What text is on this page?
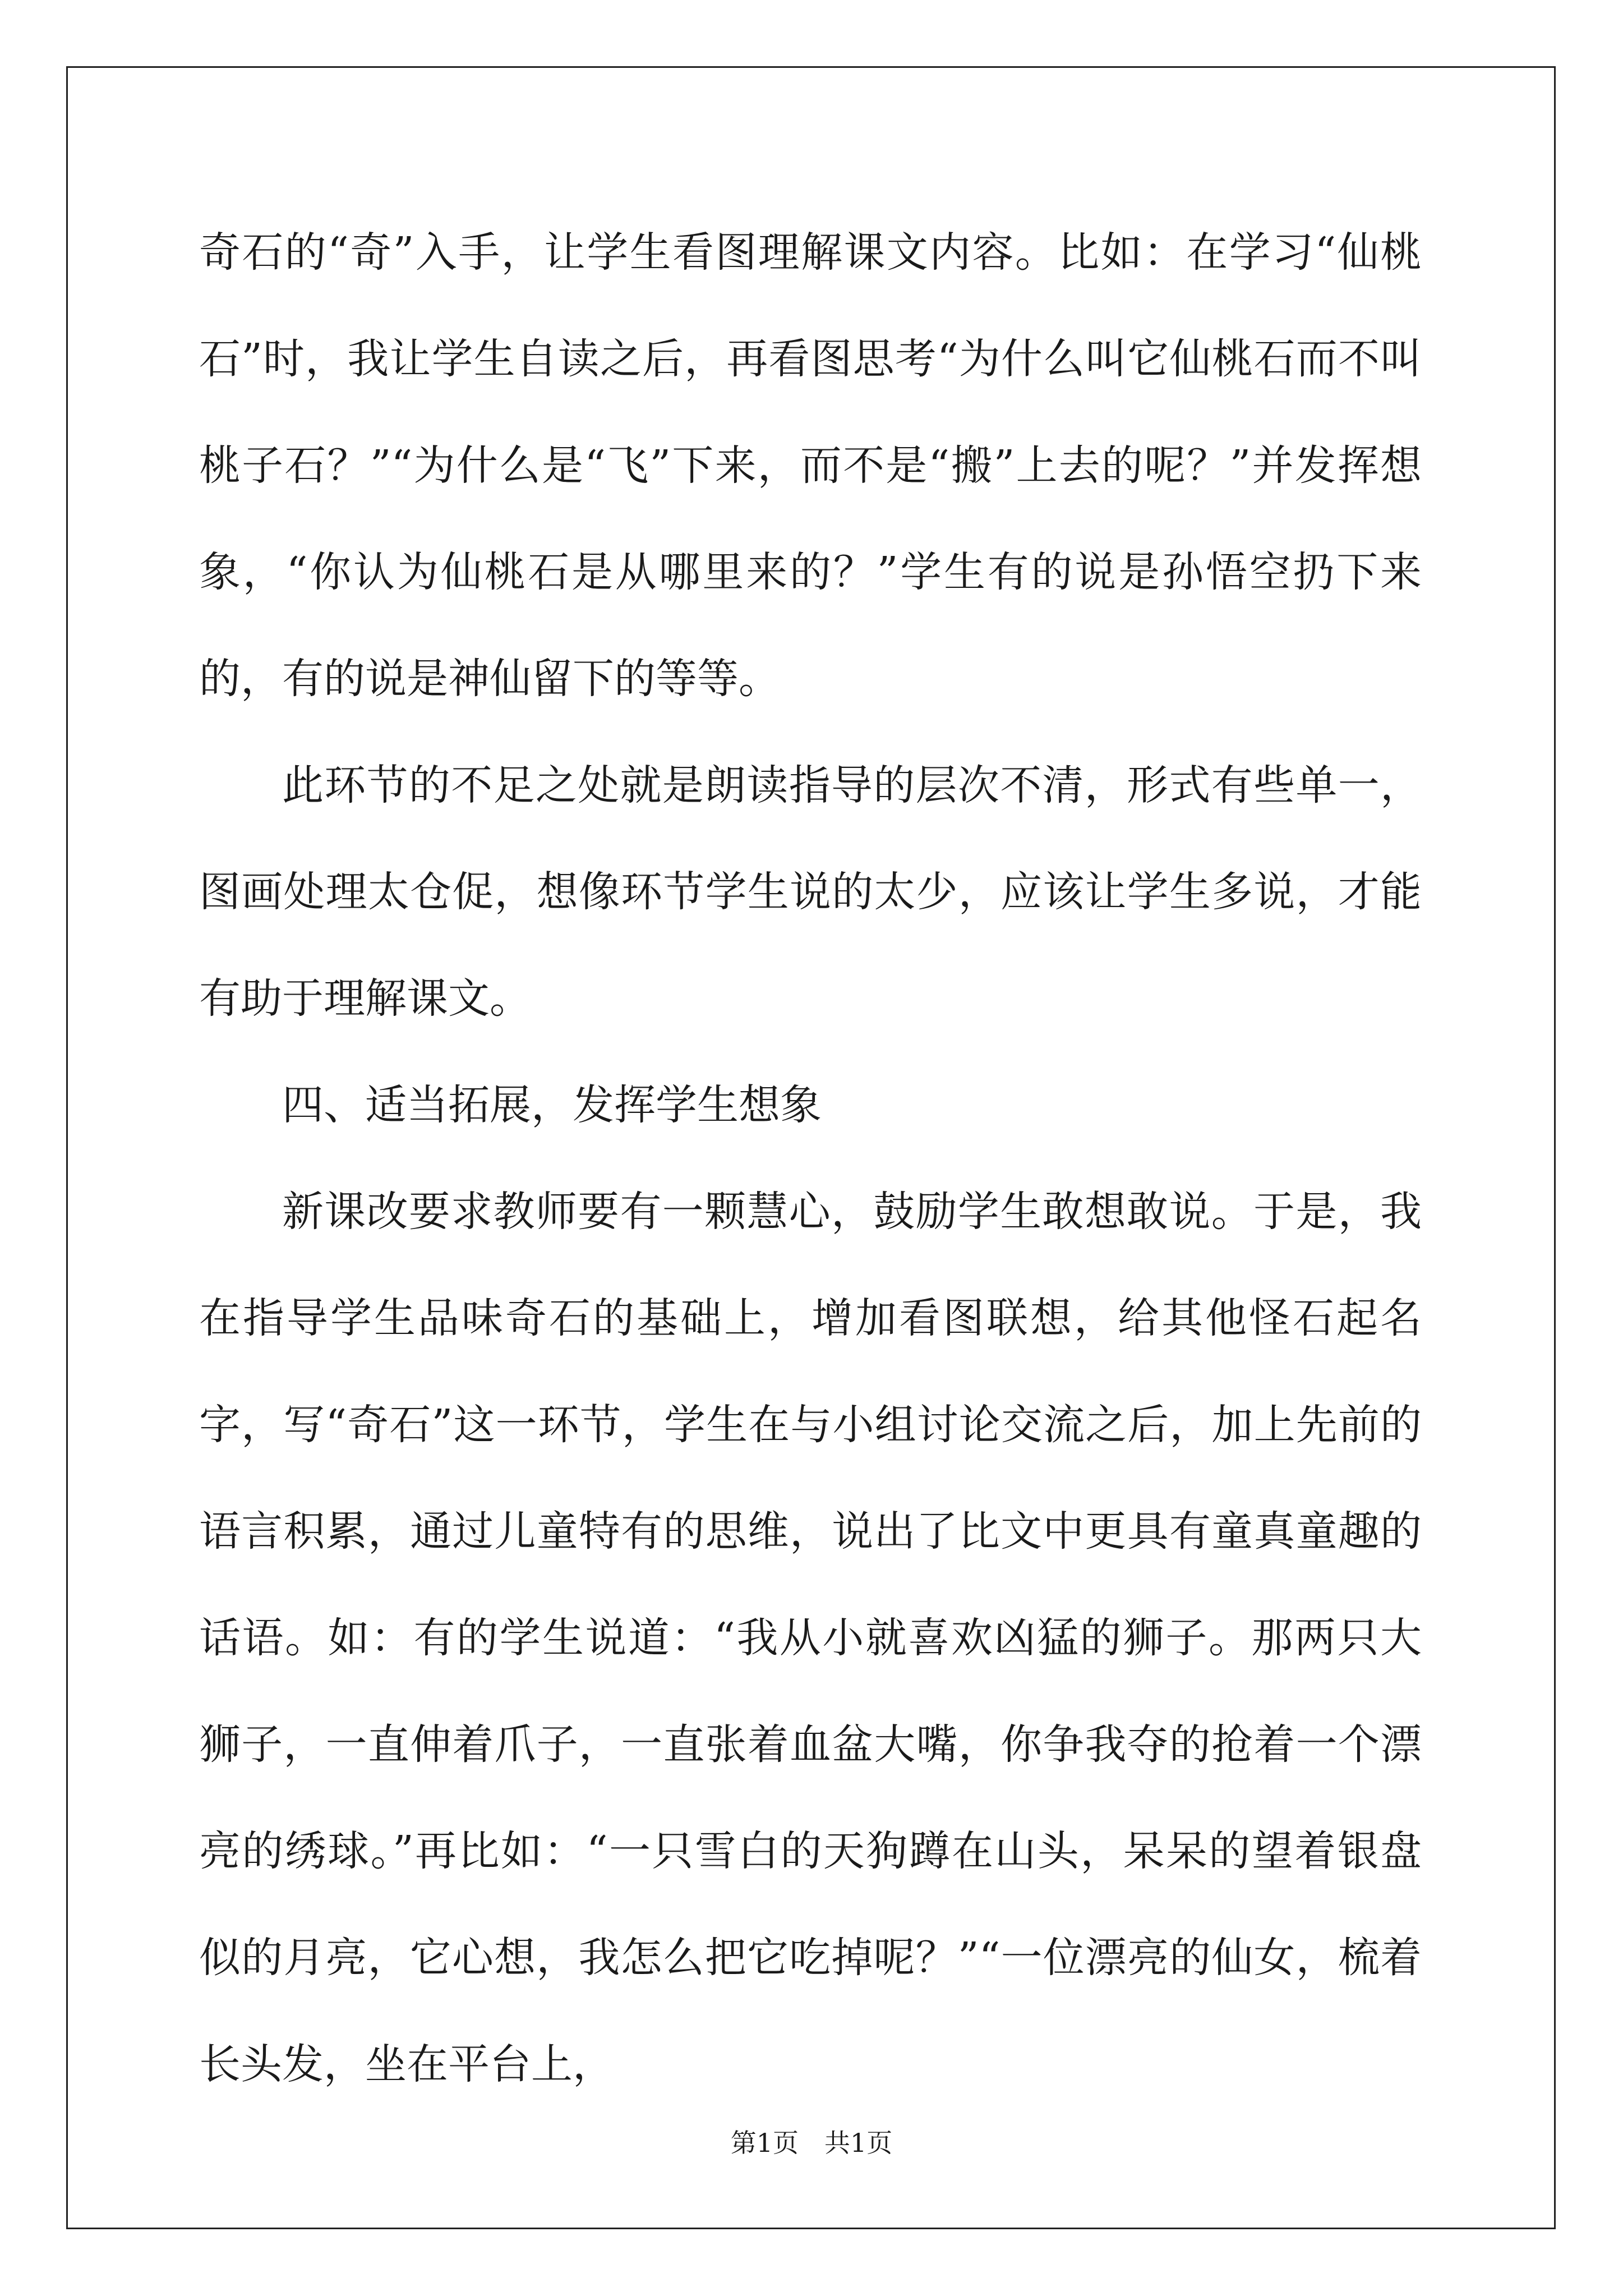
奇石的“奇”入手，让学生看图理解课文内容。比如：在学习“仙桃石”时，我让学生自读之后，再看图思考“为什么叫它仙桃石而不叫桃子石？”“为什么是“飞”下来，而不是“搬”上去的呢？”并发挥想象，“你认为仙桃石是从哪里来的？”学生有的说是孙悟空扔下来的，有的说是神仙留下的等等。

此环节的不足之处就是朗读指导的层次不清，形式有些单一，图画处理太仓促，想像环节学生说的太少，应该让学生多说，才能有助于理解课文。

四、适当拓展，发挥学生想象

新课改要求教师要有一颗慧心，鼓励学生敢想敢说。于是，我在指导学生品味奇石的基础上，增加看图联想，给其他怪石起名字，写“奇石”这一环节，学生在与小组讨论交流之后，加上先前的语言积累，通过儿童特有的思维，说出了比文中更具有童真童趣的话语。如：有的学生说道：“我从小就喜欢凶猛的狮子。那两只大狮子，一直伸着爪子，一直张着血盆大嘴，你争我夺的抢着一个漂亮的绣球。”再比如：“一只雪白的天狗蹲在山头，呆呆的望着银盘似的月亮，它心想，我怎么把它吃掉呢？”“一位漂亮的仙女，梳着长头发，坐在平台上，

第1页　共1页
